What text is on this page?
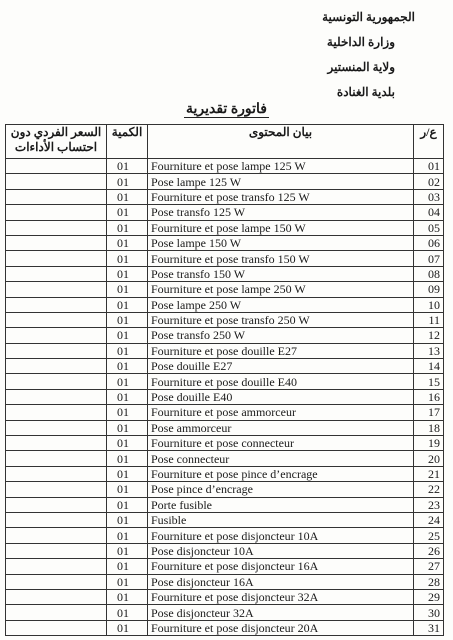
الجمهورية التونسية
وزارة الداخلية
ولاية المنستير
بلدية الغنادة
فاتورة تقديرية
السعر الفردي دون احتساب الأداءات	الكمية	بيان المحتوى	ع/ر
	01	Fourniture et pose lampe 125 W	01
	01	Pose lampe 125 W	02
	01	Fourniture et pose transfo 125 W	03
	01	Pose transfo 125 W	04
	01	Fourniture et pose lampe 150 W	05
	01	Pose lampe 150 W	06
	01	Fourniture et pose transfo 150 W	07
	01	Pose transfo 150 W	08
	01	Fourniture et pose lampe 250 W	09
	01	Pose lampe 250 W	10
	01	Fourniture et pose transfo 250 W	11
	01	Pose transfo 250 W	12
	01	Fourniture et pose douille E27	13
	01	Pose douille E27	14
	01	Fourniture et pose douille E40	15
	01	Pose douille E40	16
	01	Fourniture et pose ammorceur	17
	01	Pose ammorceur	18
	01	Fourniture et pose connecteur	19
	01	Pose connecteur	20
	01	Fourniture et pose pince d’encrage	21
	01	Pose pince d’encrage	22
	01	Porte fusible	23
	01	Fusible	24
	01	Fourniture et pose disjoncteur 10A	25
	01	Pose disjoncteur 10A	26
	01	Fourniture et pose disjoncteur 16A	27
	01	Pose disjoncteur 16A	28
	01	Fourniture et pose disjoncteur 32A	29
	01	Pose disjoncteur 32A	30
	01	Fourniture et pose disjoncteur 20A	31
